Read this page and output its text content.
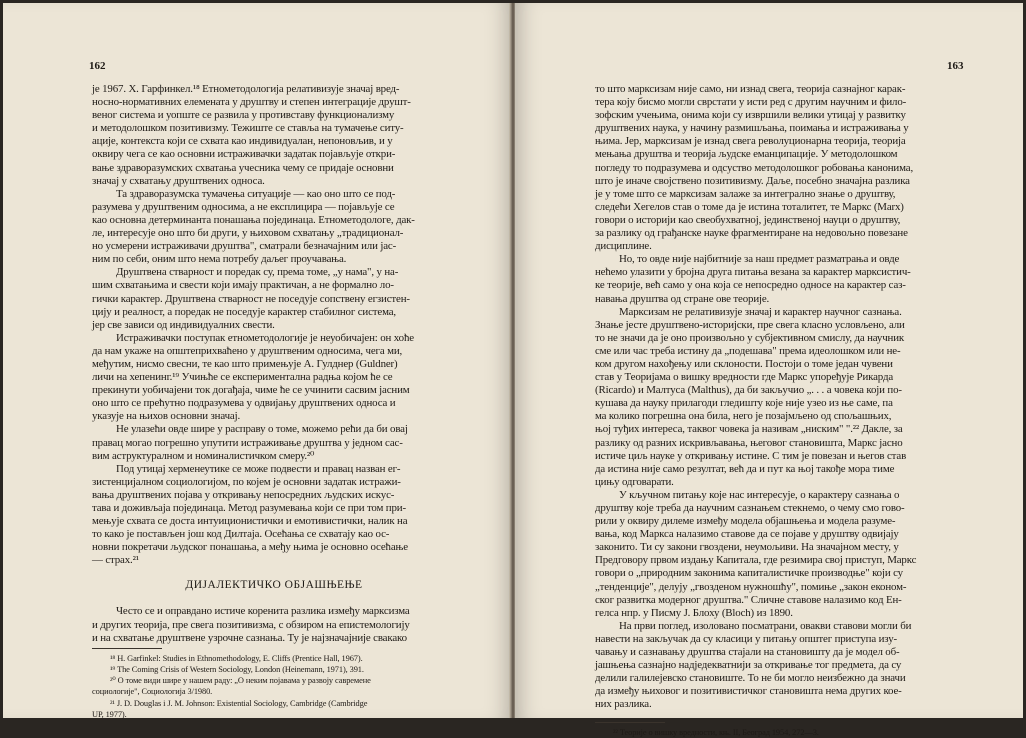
162
је 1967. Х. Гарфинкел.¹⁸ Етнометодологија релативизује значај вред-
носно-нормативних елемената у друштву и степен интеграције друшт-
веног система и уопште се развила у противставу функционализму
и методолошком позитивизму. Тежиште се ставља на тумачење ситу-
ације, контекста који се схвата као индивидуалан, непоновљив, и у
оквиру чега се као основни истраживачки задатак појављује откри-
вање здраворазумских схватања учесника чему се придаје основни
значај у схватању друштвених односа.
Та здраворазумска тумачења ситуације — као оно што се под-
разумева у друштвеним односима, а не експлицира — појављује се
као основна детерминанта понашања појединаца. Етнометодологе, дак-
ле, интересује оно што би други, у њиховом схватању „традиционал-
но усмерени истраживачи друштва", сматрали безначајним или јас-
ним по себи, оним што нема потребу даљег проучавања.
Друштвена стварност и поредак су, према томе, „у нама", у на-
шим схватањима и свести који имају практичан, а не формално ло-
гички карактер. Друштвена стварност не поседује сопствену егзистен-
цију и реалност, а поредак не поседује карактер стабилног система,
јер све зависи од индивидуалних свести.
Истраживачки поступак етнометодологије је неуобичајен: он хоће
да нам укаже на општеприхваћено у друштвеним односима, чега ми,
међутим, нисмо свесни, те као што примењује А. Гулднер (Guldner)
личи на хепенинг.¹⁹ Учињће се експериментална радња којом ће се
прекинути уобичајени ток догађаја, чиме ће се учинити сасвим јасним
оно што се прећутно подразумева у одвијању друштвених односа и
указује на њихов основни значај.
Не улазећи овде шире у расправу о томе, можемо рећи да би овај
правац могао погрешно упутити истраживање друштва у једном сас-
вим аструктуралном и номиналистичком смеру.²⁰
Под утицај херменеутике се може подвести и правац назван ег-
зистенцијалном социологијом, по којем је основни задатак истражи-
вања друштвених појава у откривању непосредних људских искус-
тава и доживљаја појединаца. Метод разумевања који се при том при-
мењује схвата се доста интуиционистички и емотивистички, налик на
то како је постављен још код Дилтаја. Осећања се схватају као ос-
новни покретачи људског понашања, а међу њима је основно осећање
— страх.²¹
ДИЈАЛЕКТИЧКО ОБЈАШЊЕЊЕ
Често се и оправдано истиче коренита разлика између марксизма
и других теорија, пре свега позитивизма, с обзиром на епистемологију
и на схватање друштвене узрочне сазнања. Ту је најзначајније свакако
¹⁸ H. Garfinkel: Studies in Ethnomethodology, E. Cliffs (Prentice Hall, 1967).
¹⁹ The Coming Crisis of Western Sociology, London (Heinemann, 1971), 391.
²⁰ О томе види шире у нашем раду: „О неким појавама у развоју савремене
социологије", Социологија 3/1980.
²¹ J. D. Douglas i J. M. Johnson: Existential Sociology, Cambridge (Cambridge
UP, 1977).
163
то што марксизам није само, ни изнад свега, теорија сазнајног карак-
тера коју бисмо могли сврстати у исти ред с другим научним и фило-
зофским учењима, онима који су извршили велики утицај у развитку
друштвених наука, у начину размишљања, поимања и истраживања у
њима. Јер, марксизам је изнад свега револуционарна теорија, теорија
мењања друштва и теорија људске еманципације. У методолошком
погледу то подразумева и одсуство методолошког робовања канонима,
што је иначе својствено позитивизму. Даље, посебно значајна разлика
је у томе што се марксизам залаже за интегрално знање о друштву,
следећи Хегелов став о томе да је истина тоталитет, те Маркс (Marx)
говори о историји као свеобухватној, јединственој науци о друштву,
за разлику од грађанске науке фрагментиране на недовољно повезане
дисциплине.
Но, то овде није најбитније за наш предмет разматрања и овде
нећемо улазити у бројна друга питања везана за карактер марксистич-
ке теорије, већ само у она која се непосредно односе на карактер саз-
навања друштва од стране ове теорије.
Марксизам не релативизује значај и карактер научног сазнања.
Знање јесте друштвено-историјски, пре свега класно условљено, али
то не значи да је оно произвољно у субјективном смислу, да научник
сме или час треба истину да „подешава" према идеолошком или не-
ком другом нахођењу или склоности. Постоји о томе један чувени
став у Теоријама о вишку вредности где Маркс упоређује Рикарда
(Ricardo) и Малтуса (Malthus), да би закључио „. . . а човека који по-
кушава да науку прилагоди гледишту које није узео из ње саме, па
ма колико погрешна она била, него је позајмљено од спољашњих,
њој туђих интереса, таквог човека ја називам „ниским" ".²² Дакле, за
разлику од разних искривљавања, његовог становишта, Маркс јасно
истиче циљ науке у откривању истине. С тим је повезан и његов став
да истина није само резултат, већ да и пут ка њој такође мора тиме
цињу одговарати.
У кључном питању које нас интересује, о карактеру сазнања о
друштву које треба да научним сазнањем стекнемо, о чему смо гово-
рили у оквиру дилеме између модела објашњења и модела разуме-
вања, код Маркса налазимо ставове да се појаве у друштву одвијају
законито. Ти су закони гвоздени, неумољиви. На значајном месту, у
Предговору првом издању Капитала, где резимира свој приступ, Маркс
говори о „природним законима капиталистичке производње" који су
„тенденције", делују „гвозденом нужношћу", помиње „закон економ-
ског развитка модерног друштва." Сличне ставове налазимо код Ен-
гелса нпр. у Писму Ј. Блоху (Bloch) из 1890.
На први поглед, изоловано посматрани, овакви ставови могли би
навести на закључак да су класици у питању општег приступа изу-
чавању и сазнавању друштва стајали на становишту да је модел об-
јашњења сазнајно надједекватнији за откривање тог предмета, да су
делили галилејевско становиште. То не би могло неизбежно да значи
да између њиховог и позитивистичког становишта нема других кое-
них разлика.
²² Теорије о вишку вредности, књ. II, Београд 1954, 272—3.
